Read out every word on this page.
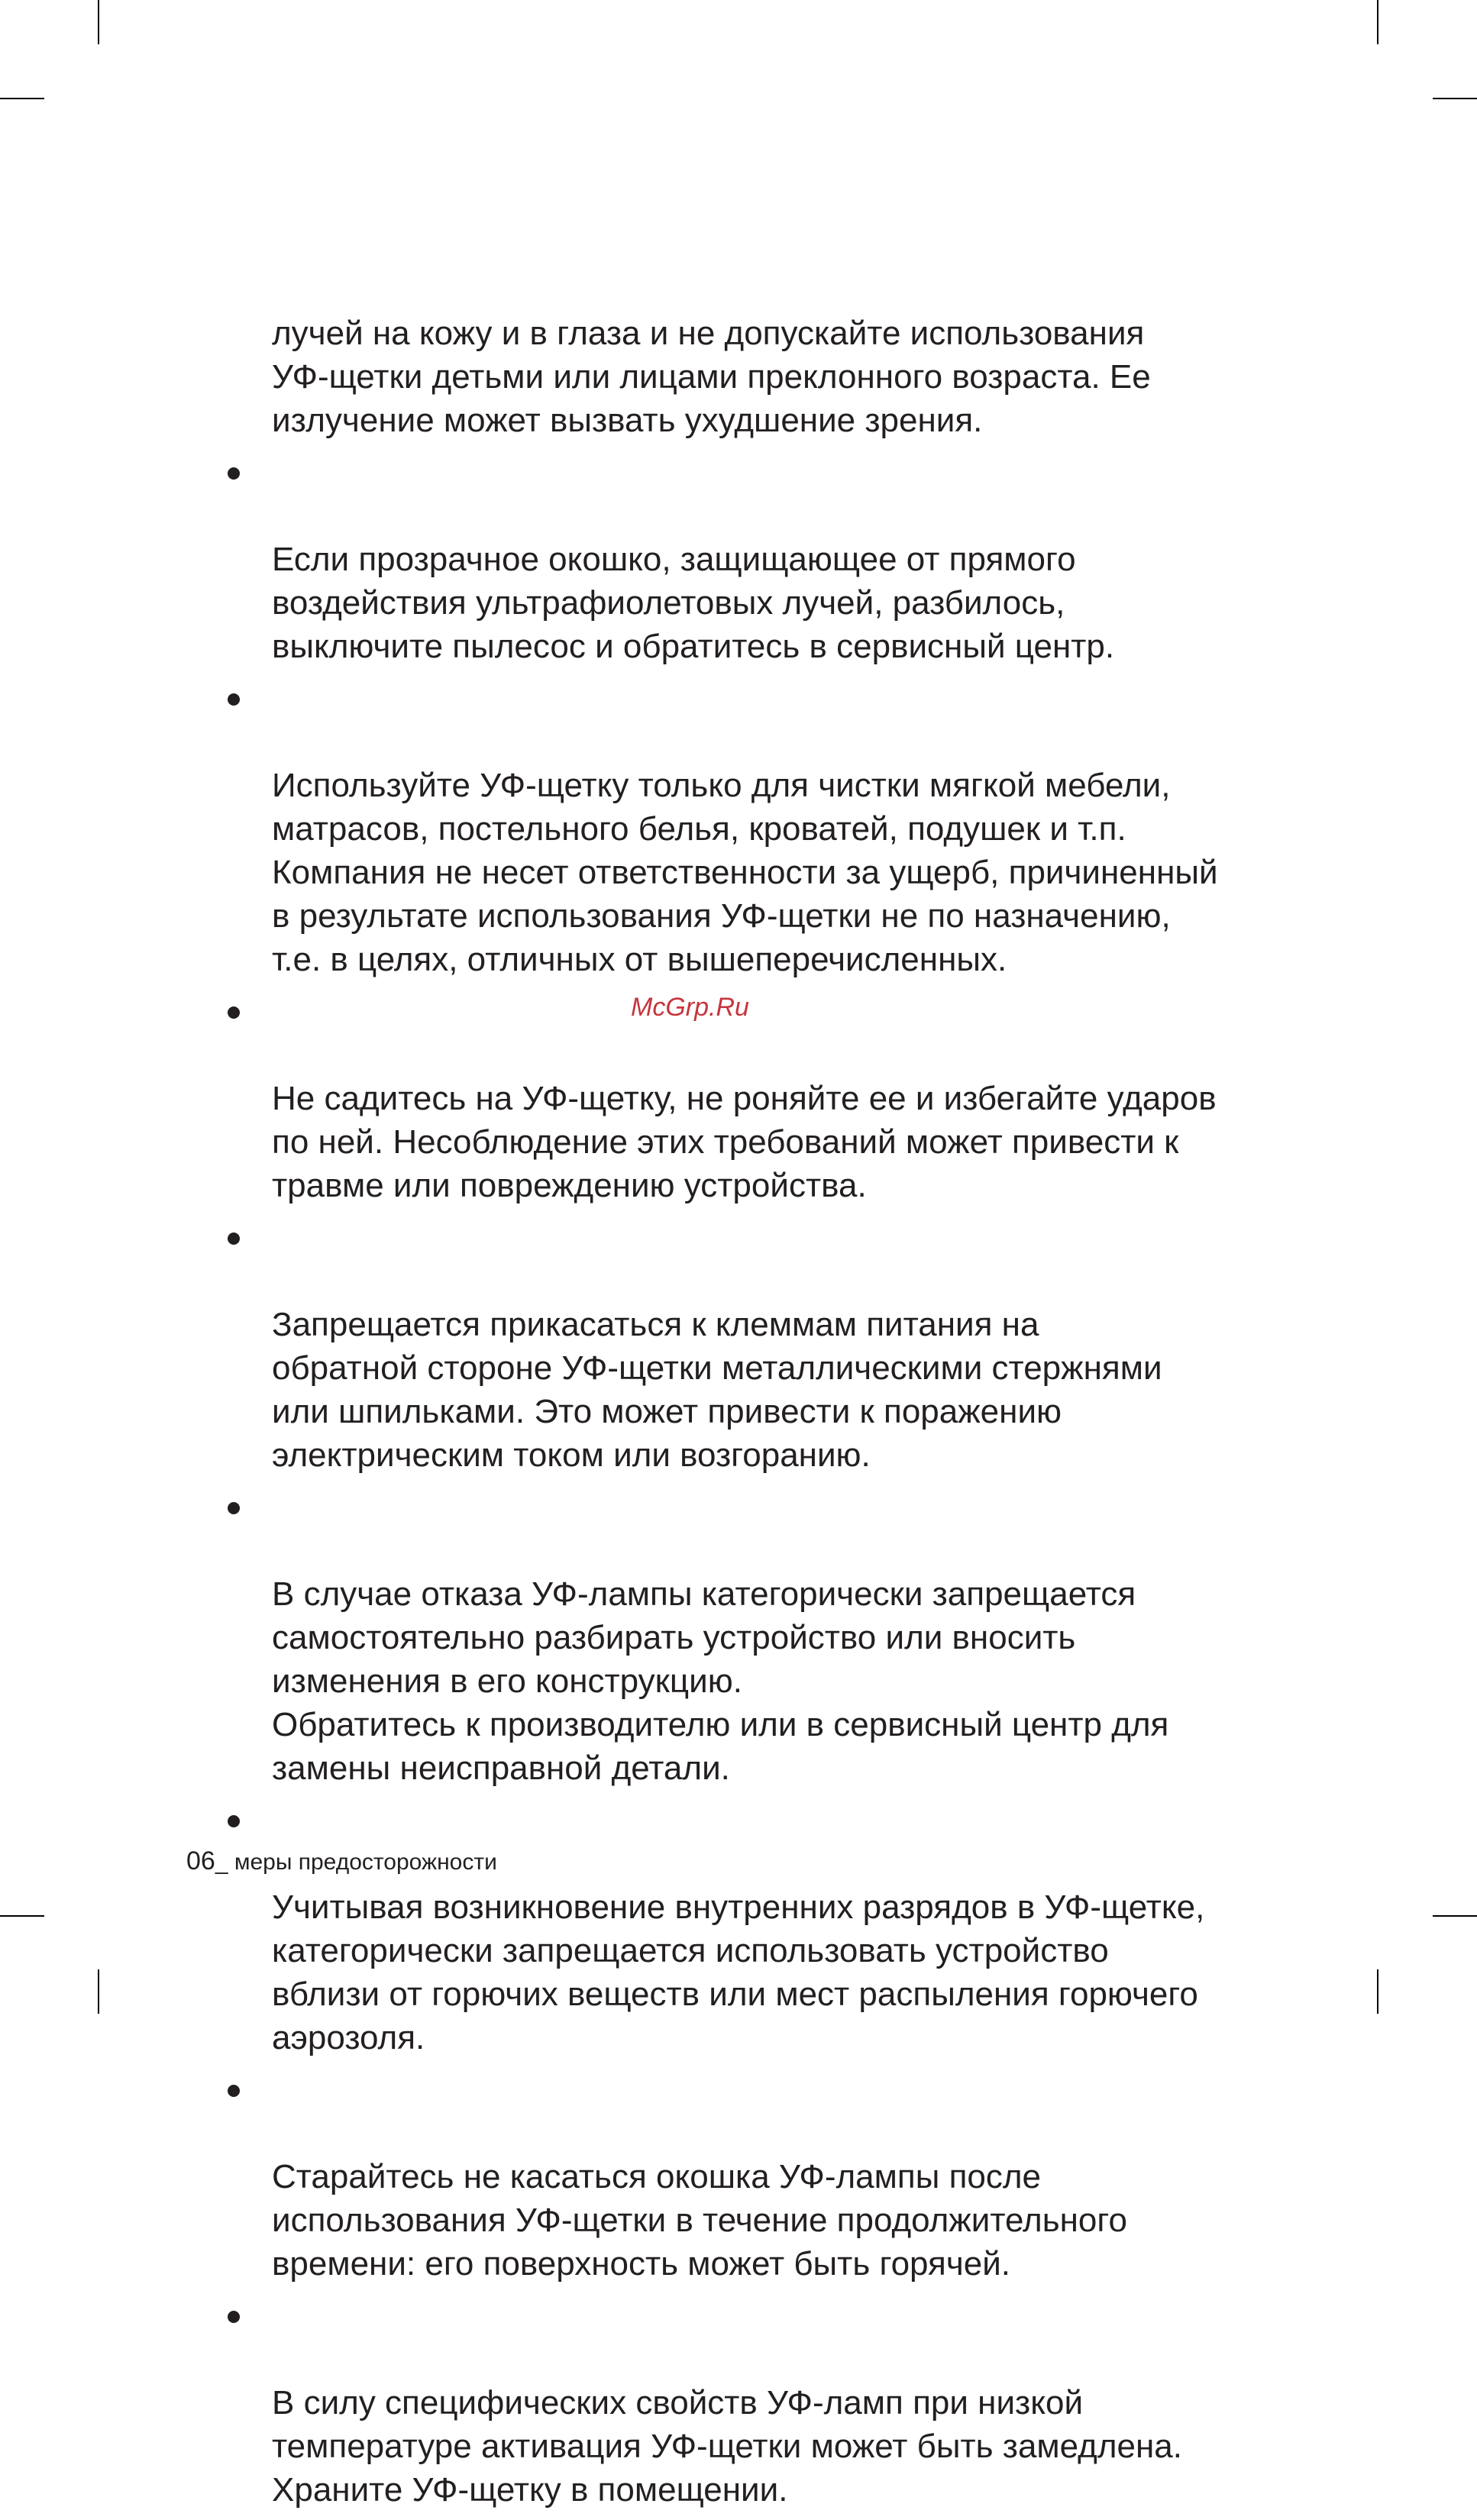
лучей на кожу и в глаза и не допускайте использования
УФ-щетки детьми или лицами преклонного возраста. Ее
излучение может вызвать ухудшение зрения.

Если прозрачное окошко, защищающее от прямого
воздействия ультрафиолетовых лучей, разбилось,
выключите пылесос и обратитесь в сервисный центр.

Используйте УФ-щетку только для чистки мягкой мебели,
матрасов, постельного белья, кроватей, подушек и т.п.
Компания не несет ответственности за ущерб, причиненный
в результате использования УФ-щетки не по назначению,
т.е. в целях, отличных от вышеперечисленных.

Не садитесь на УФ-щетку, не роняйте ее и избегайте ударов
по ней. Несоблюдение этих требований может привести к
травме или повреждению устройства.

Запрещается прикасаться к клеммам питания на
обратной стороне УФ-щетки металлическими стержнями
или шпильками. Это может привести к поражению
электрическим током или возгоранию.

В случае отказа УФ-лампы категорически запрещается
самостоятельно разбирать устройство или вносить
изменения в его конструкцию.
Обратитесь к производителю или в сервисный центр для
замены неисправной детали.

Учитывая возникновение внутренних разрядов в УФ-щетке,
категорически запрещается использовать устройство
вблизи от горючих веществ или мест распыления горючего
аэрозоля.

Старайтесь не касаться окошка УФ-лампы после
использования УФ-щетки в течение продолжительного
времени: его поверхность может быть горячей.

В силу специфических свойств УФ-ламп при низкой
температуре активация УФ-щетки может быть замедлена.
Храните УФ-щетку в помещении.

McGrp.Ru
06_ меры предосторожности
